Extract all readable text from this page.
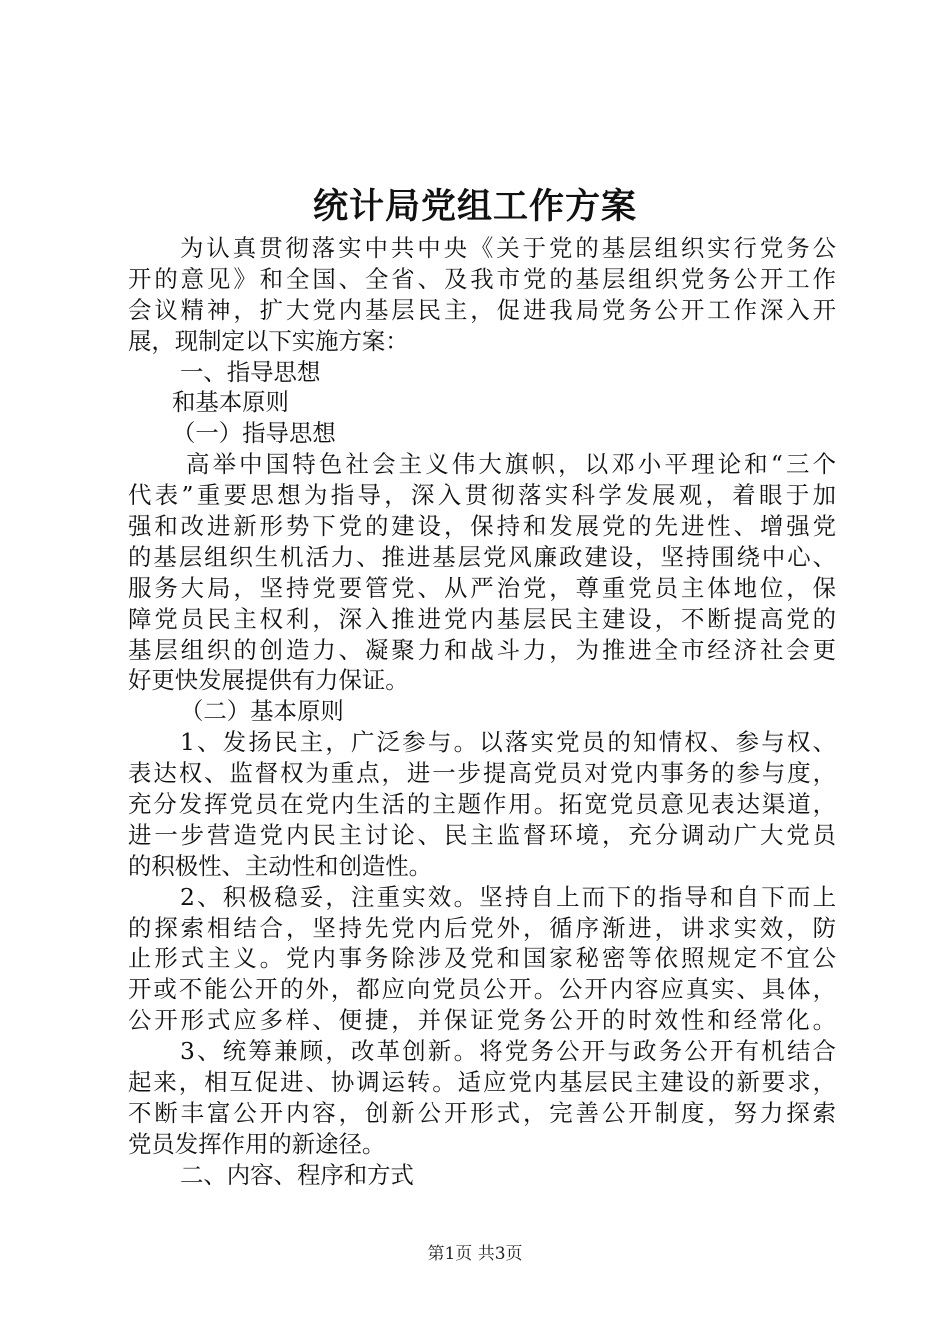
统计局党组工作方案
为认真贯彻落实中共中央《关于党的基层组织实行党务公
开的意见》和全国、全省、及我市党的基层组织党务公开工作
会议精神，扩大党内基层民主，促进我局党务公开工作深入开
展，现制定以下实施方案：
一、指导思想
和基本原则
（一）指导思想
高举中国特色社会主义伟大旗帜，以邓小平理论和“三个
代表”重要思想为指导，深入贯彻落实科学发展观，着眼于加
强和改进新形势下党的建设，保持和发展党的先进性、增强党
的基层组织生机活力、推进基层党风廉政建设，坚持围绕中心、
服务大局，坚持党要管党、从严治党，尊重党员主体地位，保
障党员民主权利，深入推进党内基层民主建设，不断提高党的
基层组织的创造力、凝聚力和战斗力，为推进全市经济社会更
好更快发展提供有力保证。
（二）基本原则
1、发扬民主，广泛参与。以落实党员的知情权、参与权、
表达权、监督权为重点，进一步提高党员对党内事务的参与度，
充分发挥党员在党内生活的主题作用。拓宽党员意见表达渠道，
进一步营造党内民主讨论、民主监督环境，充分调动广大党员
的积极性、主动性和创造性。
2、积极稳妥，注重实效。坚持自上而下的指导和自下而上
的探索相结合，坚持先党内后党外，循序渐进，讲求实效，防
止形式主义。党内事务除涉及党和国家秘密等依照规定不宜公
开或不能公开的外，都应向党员公开。公开内容应真实、具体，
公开形式应多样、便捷，并保证党务公开的时效性和经常化。
3、统筹兼顾，改革创新。将党务公开与政务公开有机结合
起来，相互促进、协调运转。适应党内基层民主建设的新要求，
不断丰富公开内容，创新公开形式，完善公开制度，努力探索
党员发挥作用的新途径。
二、内容、程序和方式
第1页 共3页
